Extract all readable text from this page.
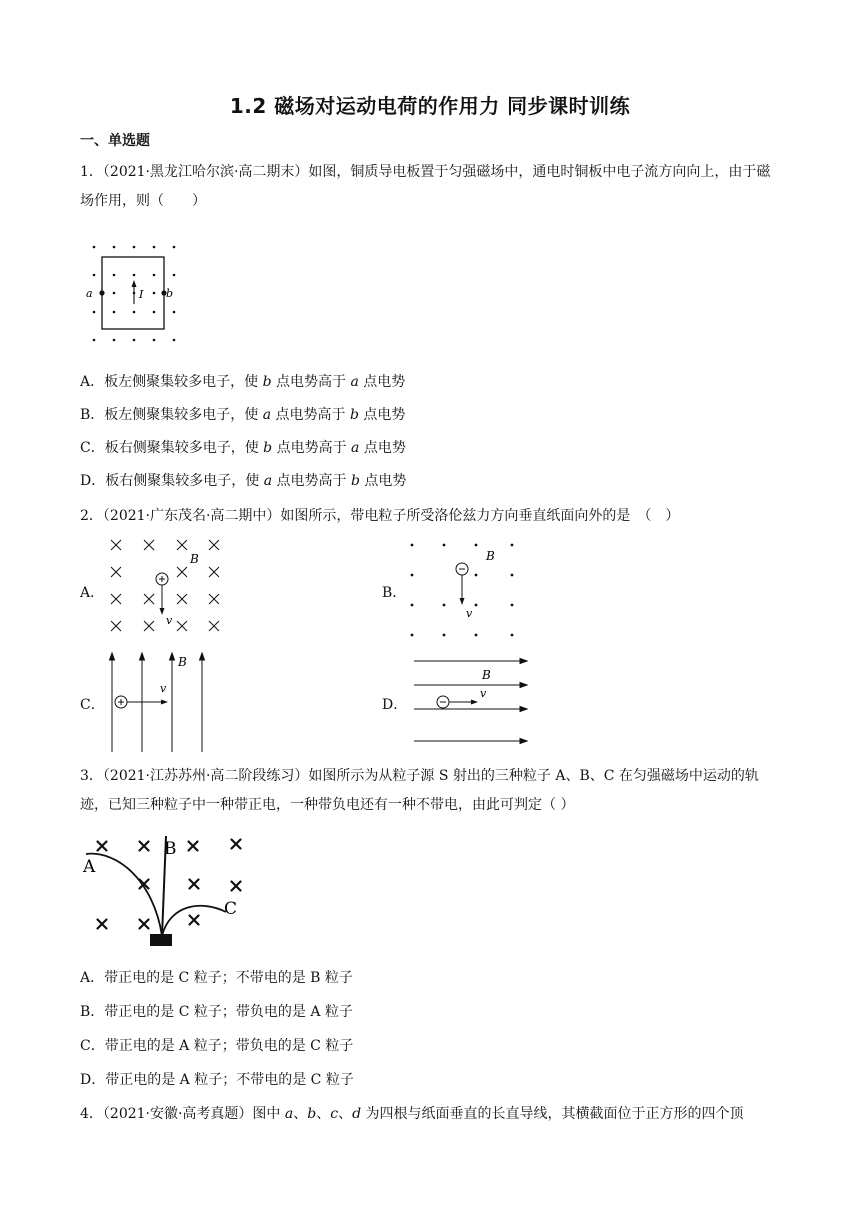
1.2 磁场对运动电荷的作用力 同步课时训练
一、单选题
1．（2021·黑龙江哈尔滨·高二期末）如图，铜质导电板置于匀强磁场中，通电时铜板中电子流方向向上，由于磁场作用，则（　　）
a	b
I
A．板左侧聚集较多电子，使 b 点电势高于 a 点电势
B．板左侧聚集较多电子，使 a 点电势高于 b 点电势
C．板右侧聚集较多电子，使 b 点电势高于 a 点电势
D．板右侧聚集较多电子，使 a 点电势高于 b 点电势
2．（2021·广东茂名·高二期中）如图所示，带电粒子所受洛伦兹力方向垂直纸面向外的是　（　）
A．
B
v
B．
B
v
C．
B
v
D．
B
v
3．（2021·江苏苏州·高二阶段练习）如图所示为从粒子源 S 射出的三种粒子 A、B、C 在匀强磁场中运动的轨迹，已知三种粒子中一种带正电，一种带负电还有一种不带电，由此可判定（ ）
A
B
C
A．带正电的是 C 粒子；不带电的是 B 粒子
B．带正电的是 C 粒子；带负电的是 A 粒子
C．带正电的是 A 粒子；带负电的是 C 粒子
D．带正电的是 A 粒子；不带电的是 C 粒子
4．（2021·安徽·高考真题）图中 a、b、c、d 为四根与纸面垂直的长直导线，其横截面位于正方形的四个顶
